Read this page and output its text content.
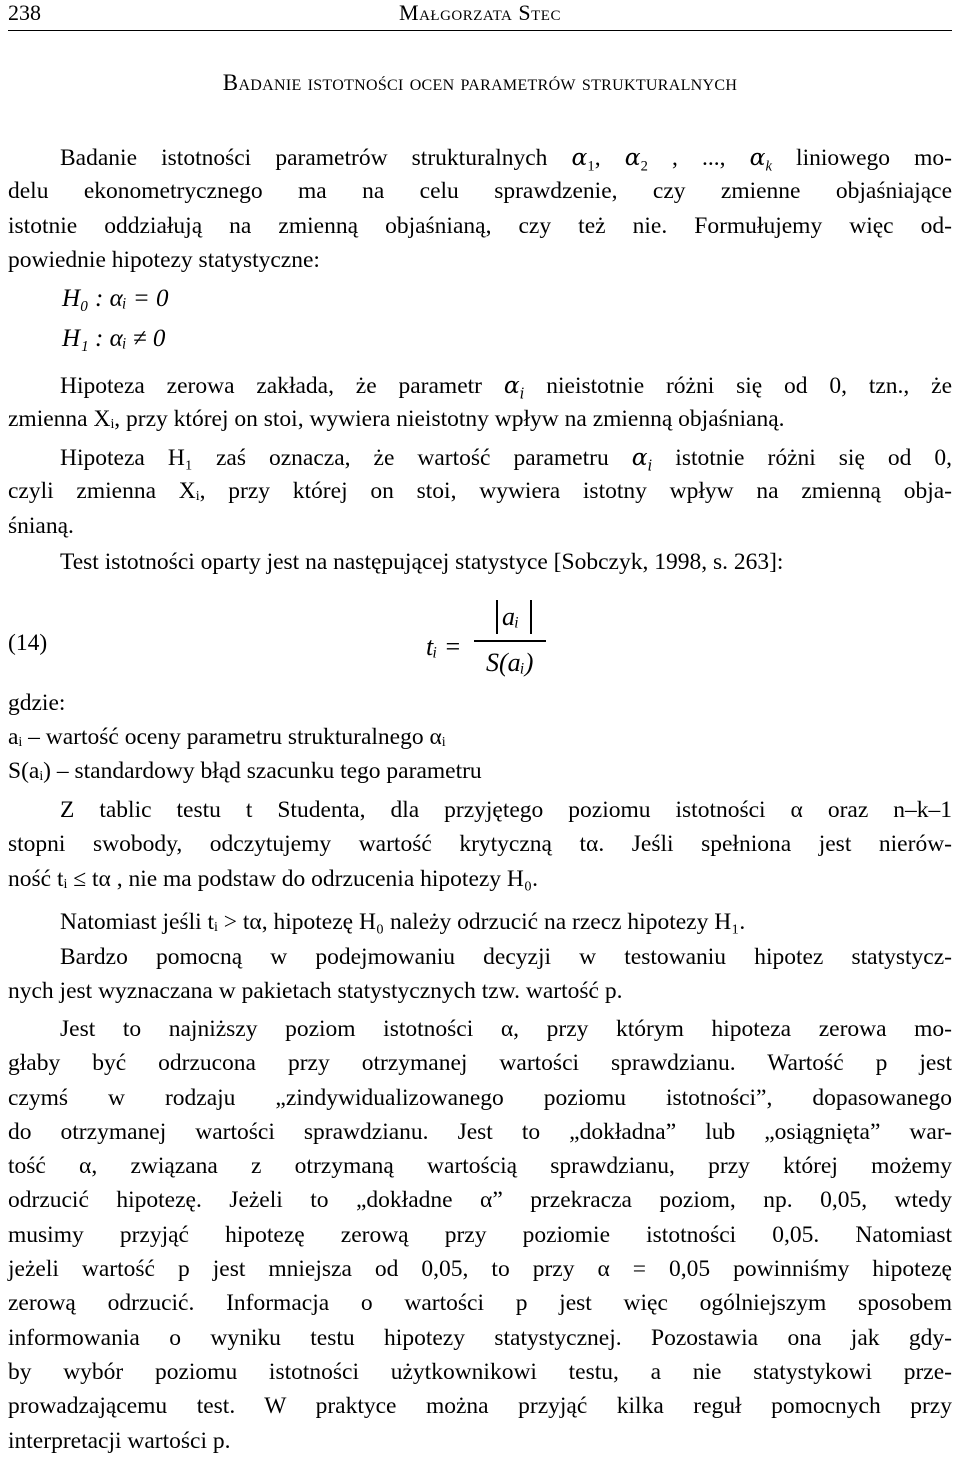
238	Małgorzata Stec
Badanie istotności ocen parametrów strukturalnych
Badanie istotności parametrów strukturalnych $\alpha_1$, $\alpha_2$ , ..., $\alpha_k$ liniowego mo-
delu ekonometrycznego ma na celu sprawdzenie, czy zmienne objaśniające
istotnie oddziałują na zmienną objaśnianą, czy też nie. Formułujemy więc od-
powiedniе hipotezy statystyczne:
H₀ : αᵢ = 0
H₁ : αᵢ ≠ 0
Hipoteza zerowa zakłada, że parametr $\alpha_i$ nieistotnie różni się od 0, tzn., że
zmienna Xᵢ, przy której on stoi, wywiera nieistotny wpływ na zmienną objaśnianą.
Hipoteza H₁ zaś oznacza, że wartość parametru $\alpha_i$ istotnie różni się od 0,
czyli zmienna Xᵢ, przy której on stoi, wywiera istotny wpływ na zmienną obja-
śnianą.
Test istotności oparty jest na następującej statystyce [Sobczyk, 1998, s. 263]:
(14)	tᵢ =
aᵢ
S(aᵢ)
gdzie:
aᵢ – wartość oceny parametru strukturalnego αᵢ
S(aᵢ) – standardowy błąd szacunku tego parametru
Z tablic testu t Studenta, dla przyjętego poziomu istotności α oraz n–k–1
stopni swobody, odczytujemy wartość krytyczną tα. Jeśli spełniona jest nierów-
ność tᵢ ≤ tα , nie ma podstaw do odrzucenia hipotezy H₀.
Natomiast jeśli tᵢ > tα, hipotezę H₀ należy odrzucić na rzecz hipotezy H₁.
Bardzo pomocną w podejmowaniu decyzji w testowaniu hipotez statystycz-
nych jest wyznaczana w pakietach statystycznych tzw. wartość p.
Jest to najniższy poziom istotności α, przy którym hipoteza zerowa mo-
głaby być odrzucona przy otrzymanej wartości sprawdzianu. Wartość p jest
czymś w rodzaju „zindywidualizowanego poziomu istotności”, dopasowanego
do otrzymanej wartości sprawdzianu. Jest to „dokładna” lub „osiągnięta” war-
tość α, związana z otrzymaną wartością sprawdzianu, przy której możemy
odrzucić hipotezę. Jeżeli to „dokładne α” przekracza poziom, np. 0,05, wtedy
musimy przyjąć hipotezę zerową przy poziomie istotności 0,05. Natomiast
jeżeli wartość p jest mniejsza od 0,05, to przy α = 0,05 powinniśmy hipotezę
zerową odrzucić. Informacja o wartości p jest więc ogólniejszym sposobem
informowania o wyniku testu hipotezy statystycznej. Pozostawia ona jak gdy-
by wybór poziomu istotności użytkownikowi testu, a nie statystykowi prze-
prowadzającemu test. W praktyce można przyjąć kilka reguł pomocnych przy
interpretacji wartości p.
